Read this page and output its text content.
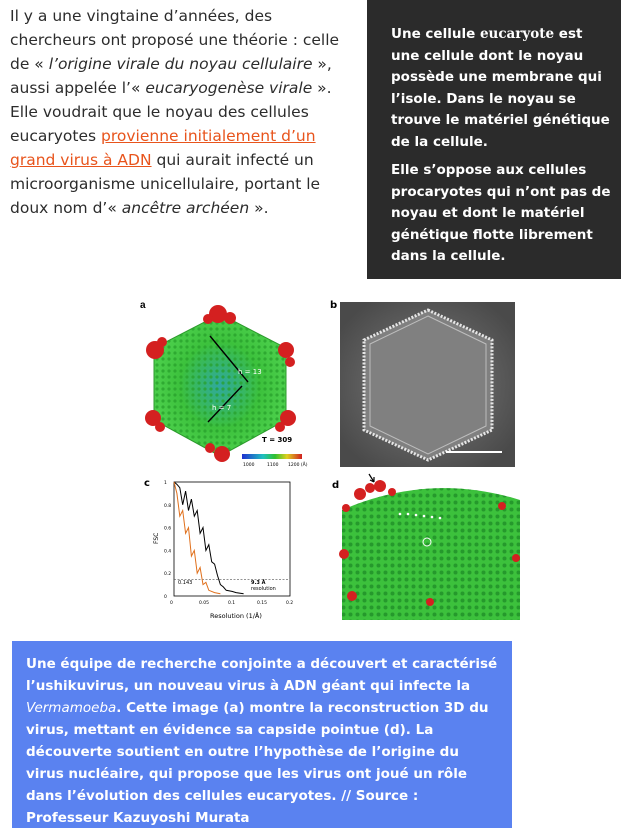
Il y a une vingtaine d’années, des chercheurs ont proposé une théorie : celle de « l’origine virale du noyau cellulaire », aussi appelée l’« eucaryogenèse virale ». Elle voudrait que le noyau des cellules eucaryotes provienne initialement d’un grand virus à ADN qui aurait infecté un microorganisme unicellulaire, portant le doux nom d’« ancêtre archéen ».

Une cellule eucaryote est une cellule dont le noyau possède une membrane qui l’isole. Dans le noyau se trouve le matériel génétique de la cellule.

Elle s’oppose aux cellules procaryotes qui n’ont pas de noyau et dont le matériel génétique flotte librement dans la cellule.

a
h = 13
h = 7
T = 309
1000	1100 1200 (Å)
b
c
FSC
1
0.8
0.6
0.4
0.2
0
0	0.05	0.1	0.15	0.2
0.143	9.3 Å
resolution
Resolution (1/Å)
d
Une équipe de recherche conjointe a découvert et caractérisé l’ushikuvirus, un nouveau virus à ADN géant qui infecte la Vermamoeba. Cette image (a) montre la reconstruction 3D du virus, mettant en évidence sa capside pointue (d). La découverte soutient en outre l’hypothèse de l’origine du virus nucléaire, qui propose que les virus ont joué un rôle dans l’évolution des cellules eucaryotes. // Source : Professeur Kazuyoshi Murata
